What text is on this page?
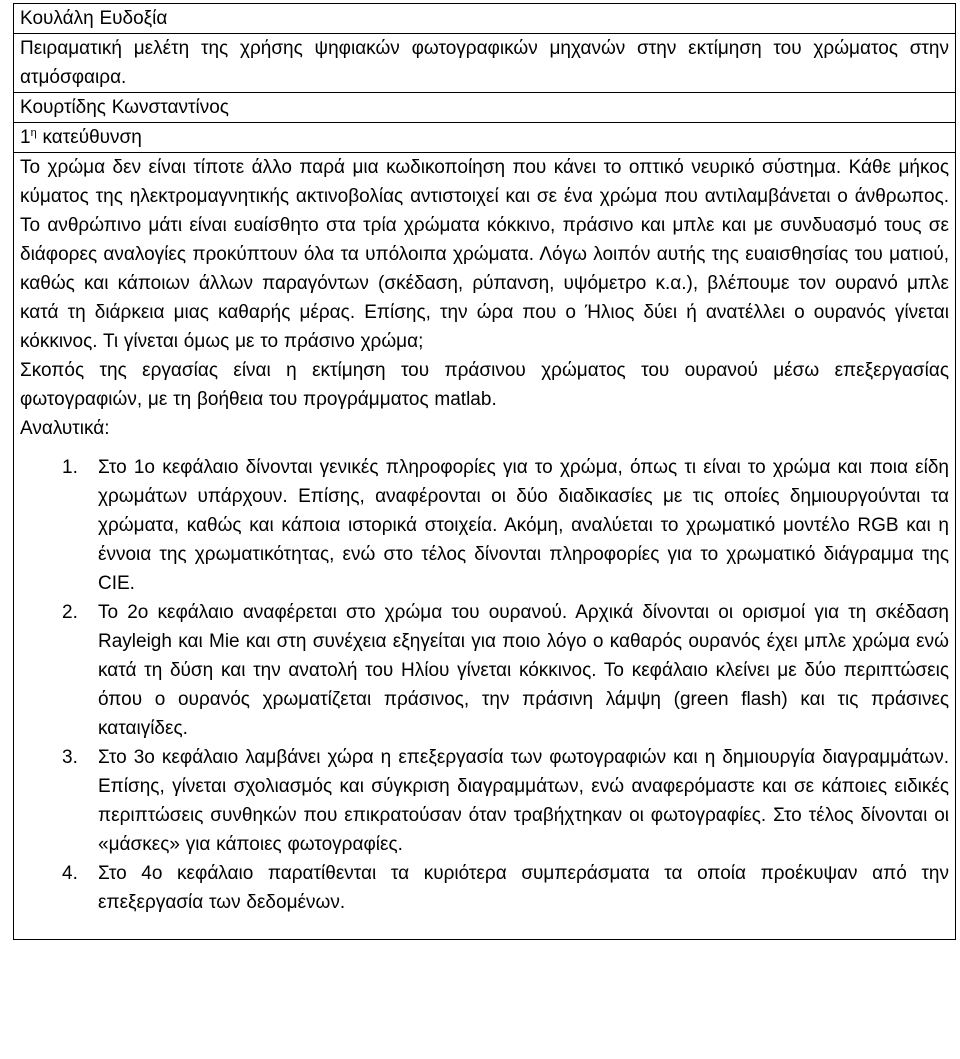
Κουλάλη Ευδοξία
Πειραματική μελέτη της χρήσης ψηφιακών φωτογραφικών μηχανών στην εκτίμηση του χρώματος στην ατμόσφαιρα.
Κουρτίδης Κωνσταντίνος
$1^\eta$ κατεύθυνση

Το χρώμα δεν είναι τίποτε άλλο παρά μια κωδικοποίηση που κάνει το οπτικό νευρικό σύστημα. Κάθε μήκος κύματος της ηλεκτρομαγνητικής ακτινοβολίας αντιστοιχεί και σε ένα χρώμα που αντιλαμβάνεται ο άνθρωπος. Το ανθρώπινο μάτι είναι ευαίσθητο στα τρία χρώματα κόκκινο, πράσινο και μπλε και με συνδυασμό τους σε διάφορες αναλογίες προκύπτουν όλα τα υπόλοιπα χρώματα. Λόγω λοιπόν αυτής της ευαισθησίας του ματιού, καθώς και κάποιων άλλων παραγόντων (σκέδαση, ρύπανση, υψόμετρο κ.α.), βλέπουμε τον ουρανό μπλε κατά τη διάρκεια μιας καθαρής μέρας. Επίσης, την ώρα που ο Ήλιος δύει ή ανατέλλει ο ουρανός γίνεται κόκκινος. Τι γίνεται όμως με το πράσινο χρώμα;
Σκοπός της εργασίας είναι η εκτίμηση του πράσινου χρώματος του ουρανού μέσω επεξεργασίας φωτογραφιών, με τη βοήθεια του προγράμματος matlab.
Αναλυτικά:
1. Στο 1ο κεφάλαιο δίνονται γενικές πληροφορίες για το χρώμα, όπως τι είναι το χρώμα και ποια είδη χρωμάτων υπάρχουν. Επίσης, αναφέρονται οι δύο διαδικασίες με τις οποίες δημιουργούνται τα χρώματα, καθώς και κάποια ιστορικά στοιχεία. Ακόμη, αναλύεται το χρωματικό μοντέλο RGB και η έννοια της χρωματικότητας, ενώ στο τέλος δίνονται πληροφορίες για το χρωματικό διάγραμμα της CIE.
2. Το 2ο κεφάλαιο αναφέρεται στο χρώμα του ουρανού. Αρχικά δίνονται οι ορισμοί για τη σκέδαση Rayleigh και Mie και στη συνέχεια εξηγείται για ποιο λόγο ο καθαρός ουρανός έχει μπλε χρώμα ενώ κατά τη δύση και την ανατολή του Ηλίου γίνεται κόκκινος. Το κεφάλαιο κλείνει με δύο περιπτώσεις όπου ο ουρανός χρωματίζεται πράσινος, την πράσινη λάμψη (green flash) και τις πράσινες καταιγίδες.
3. Στο 3ο κεφάλαιο λαμβάνει χώρα η επεξεργασία των φωτογραφιών και η δημιουργία διαγραμμάτων. Επίσης, γίνεται σχολιασμός και σύγκριση διαγραμμάτων, ενώ αναφερόμαστε και σε κάποιες ειδικές περιπτώσεις συνθηκών που επικρατούσαν όταν τραβήχτηκαν οι φωτογραφίες. Στο τέλος δίνονται οι «μάσκες» για κάποιες φωτογραφίες.
4. Στο 4ο κεφάλαιο παρατίθενται τα κυριότερα συμπεράσματα τα οποία προέκυψαν από την επεξεργασία των δεδομένων.
